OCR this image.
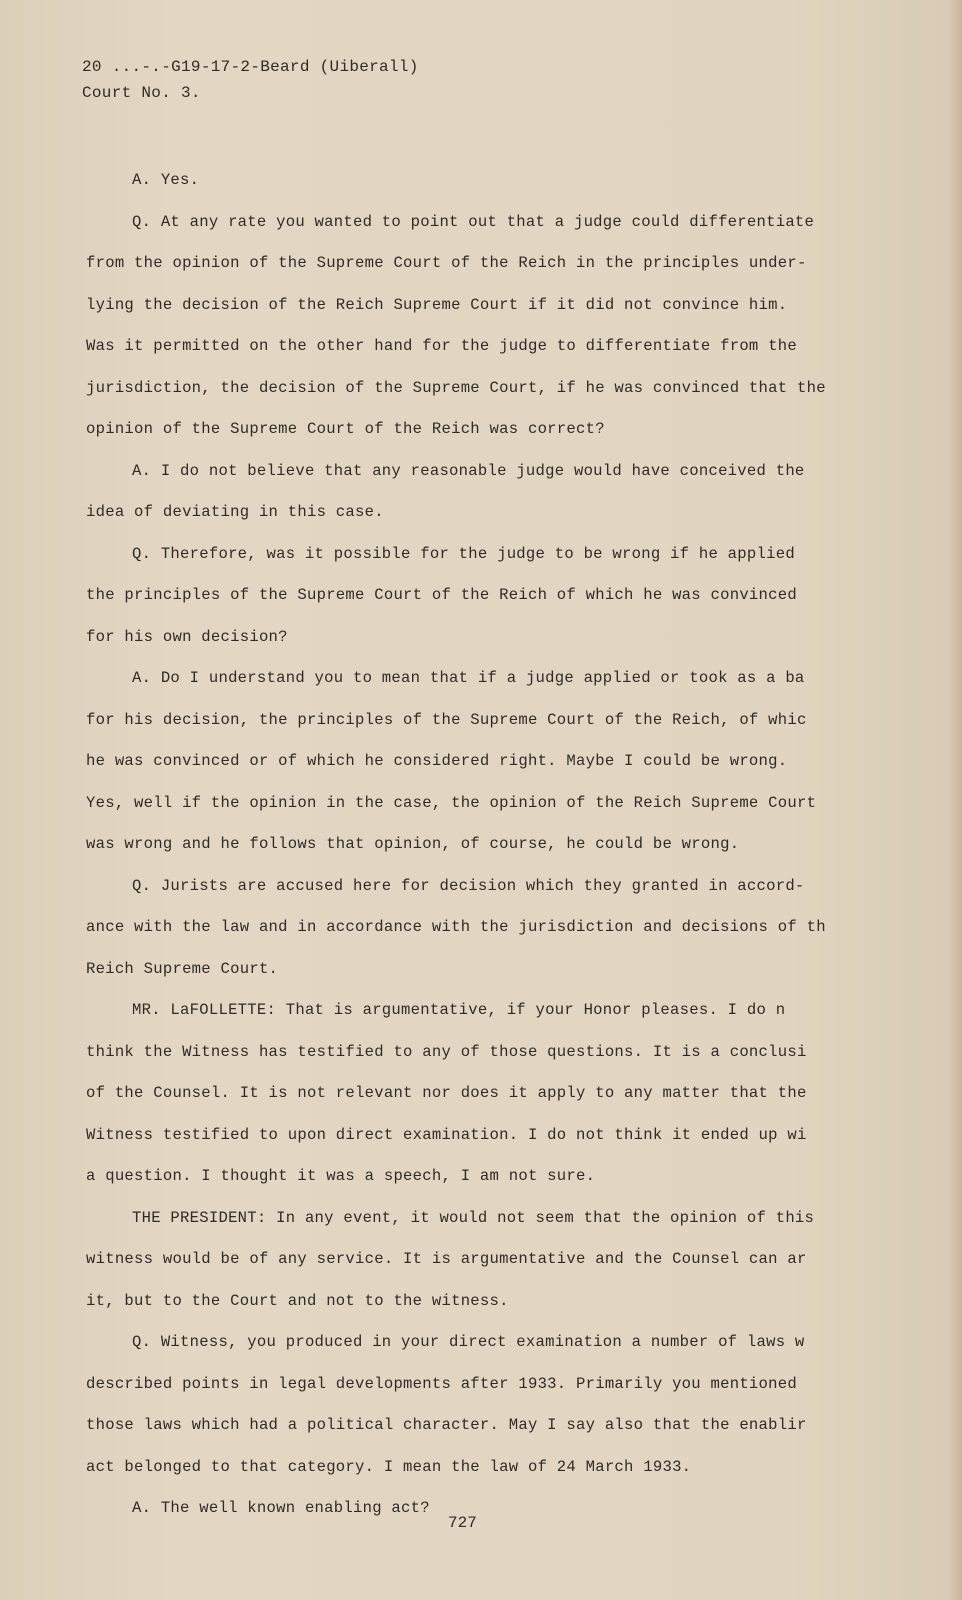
20 ...-.-G19-17-2-Beard (Uiberall)

Court No. 3.

A. Yes.
Q. At any rate you wanted to point out that a judge could differentiate
from the opinion of the Supreme Court of the Reich in the principles under-
lying the decision of the Reich Supreme Court if it did not convince him.
Was it permitted on the other hand for the judge to differentiate from the
jurisdiction, the decision of the Supreme Court, if he was convinced that the
opinion of the Supreme Court of the Reich was correct?
A. I do not believe that any reasonable judge would have conceived the
idea of deviating in this case.
Q. Therefore, was it possible for the judge to be wrong if he applied
the principles of the Supreme Court of the Reich of which he was convinced
for his own decision?
A. Do I understand you to mean that if a judge applied or took as a ba
for his decision, the principles of the Supreme Court of the Reich, of whic
he was convinced or of which he considered right. Maybe I could be wrong.
Yes, well if the opinion in the case, the opinion of the Reich Supreme Court
was wrong and he follows that opinion, of course, he could be wrong.
Q. Jurists are accused here for decision which they granted in accord-
ance with the law and in accordance with the jurisdiction and decisions of th
Reich Supreme Court.
MR. LaFOLLETTE: That is argumentative, if your Honor pleases. I do n
think the Witness has testified to any of those questions. It is a conclusi
of the Counsel. It is not relevant nor does it apply to any matter that the
Witness testified to upon direct examination. I do not think it ended up wi
a question. I thought it was a speech, I am not sure.
THE PRESIDENT: In any event, it would not seem that the opinion of this
witness would be of any service. It is argumentative and the Counsel can ar
it, but to the Court and not to the witness.
Q. Witness, you produced in your direct examination a number of laws w
described points in legal developments after 1933. Primarily you mentioned
those laws which had a political character. May I say also that the enablir
act belonged to that category. I mean the law of 24 March 1933.
A. The well known enabling act?

727
